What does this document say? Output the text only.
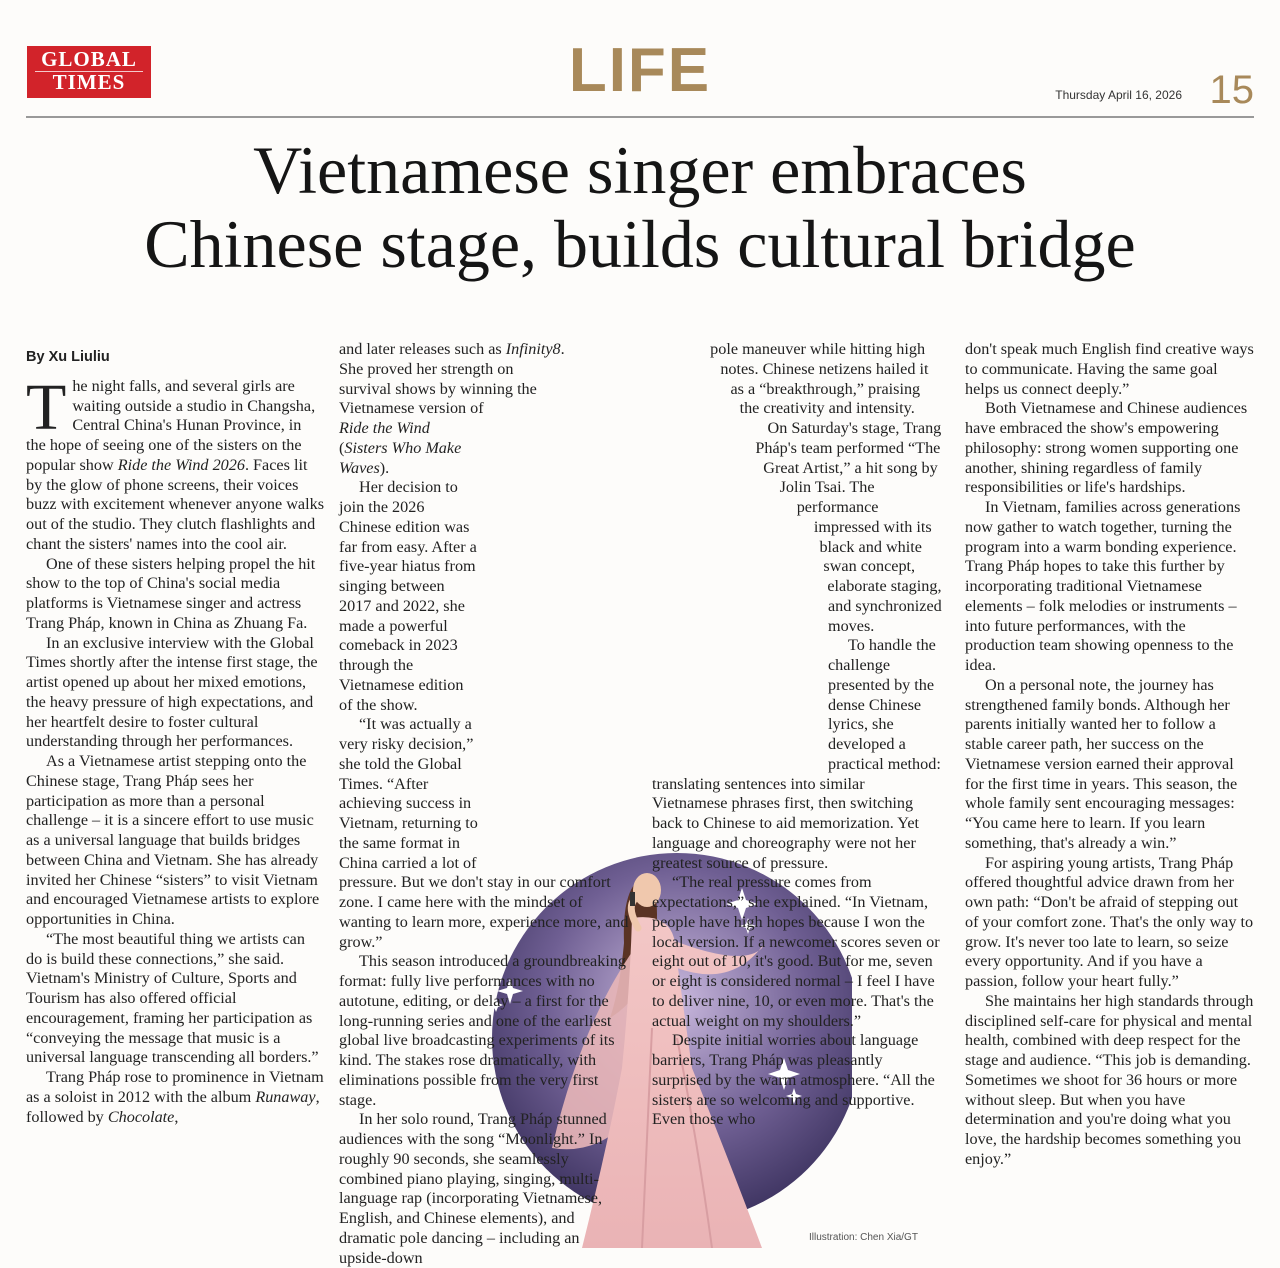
GLOBAL
TIMES	LIFE	Thursday April 16, 2026 15
Vietnamese singer embraces
Chinese stage, builds cultural bridge

By Xu Liuliu

The night falls, and several girls are waiting outside a studio in Changsha, Central China's Hunan Province, in the hope of seeing one of the sisters on the popular show Ride the Wind 2026. Faces lit by the glow of phone screens, their voices buzz with excitement whenever anyone walks out of the studio. They clutch flashlights and chant the sisters' names into the cool air.

One of these sisters helping propel the hit show to the top of China's social media platforms is Vietnamese singer and actress Trang Pháp, known in China as Zhuang Fa.

In an exclusive interview with the Global Times shortly after the intense first stage, the artist opened up about her mixed emotions, the heavy pressure of high expectations, and her heartfelt desire to foster cultural understanding through her performances.

As a Vietnamese artist stepping onto the Chinese stage, Trang Pháp sees her participation as more than a personal challenge – it is a sincere effort to use music as a universal language that builds bridges between China and Vietnam. She has already invited her Chinese “sisters” to visit Vietnam and encouraged Vietnamese artists to explore opportunities in China.

“The most beautiful thing we artists can do is build these connections,” she said. Vietnam's Ministry of Culture, Sports and Tourism has also offered official encouragement, framing her participation as “conveying the message that music is a universal language transcending all borders.”

Trang Pháp rose to prominence in Vietnam as a soloist in 2012 with the album Runaway, followed by Chocolate,

and later releases such as Infinity8. She proved her strength on survival shows by winning the Vietnamese version of Ride the Wind (Sisters Who Make Waves).

Her decision to join the 2026 Chinese edition was far from easy. After a five-year hiatus from singing between 2017 and 2022, she made a powerful comeback in 2023 through the Vietnamese edition of the show.

“It was actually a very risky decision,” she told the Global Times. “After achieving success in Vietnam, returning to the same format in China carried a lot of pressure. But we don't stay in our comfort zone. I came here with the mindset of wanting to learn more, experience more, and grow.”

This season introduced a groundbreaking format: fully live performances with no autotune, editing, or delay – a first for the long-running series and one of the earliest global live broadcasting experiments of its kind. The stakes rose dramatically, with eliminations possible from the very first stage.

In her solo round, Trang Pháp stunned audiences with the song “Moonlight.” In roughly 90 seconds, she seamlessly combined piano playing, singing, multi-language rap (incorporating Vietnamese, English, and Chinese elements), and dramatic pole dancing – including an upside-down

pole maneuver while hitting high notes. Chinese netizens hailed it as a “breakthrough,” praising the creativity and intensity.

On Saturday's stage, Trang Pháp's team performed “The Great Artist,” a hit song by Jolin Tsai. The performance impressed with its black and white swan concept, elaborate staging, and synchronized moves.

To handle the challenge presented by the dense Chinese lyrics, she developed a practical method: translating sentences into similar Vietnamese phrases first, then switching back to Chinese to aid memorization. Yet language and choreography were not her greatest source of pressure.

“The real pressure comes from expectations,” she explained. “In Vietnam, people have high hopes because I won the local version. If a newcomer scores seven or eight out of 10, it's good. But for me, seven or eight is considered normal – I feel I have to deliver nine, 10, or even more. That's the actual weight on my shoulders.”

Despite initial worries about language barriers, Trang Pháp was pleasantly surprised by the warm atmosphere. “All the sisters are so welcoming and supportive. Even those who

don't speak much English find creative ways to communicate. Having the same goal helps us connect deeply.”

Both Vietnamese and Chinese audiences have embraced the show's empowering philosophy: strong women supporting one another, shining regardless of family responsibilities or life's hardships.

In Vietnam, families across generations now gather to watch together, turning the program into a warm bonding experience. Trang Pháp hopes to take this further by incorporating traditional Vietnamese elements – folk melodies or instruments – into future performances, with the production team showing openness to the idea.

On a personal note, the journey has strengthened family bonds. Although her parents initially wanted her to follow a stable career path, her success on the Vietnamese version earned their approval for the first time in years. This season, the whole family sent encouraging messages: “You came here to learn. If you learn something, that's already a win.”

For aspiring young artists, Trang Pháp offered thoughtful advice drawn from her own path: “Don't be afraid of stepping out of your comfort zone. That's the only way to grow. It's never too late to learn, so seize every opportunity. And if you have a passion, follow your heart fully.”

She maintains her high standards through disciplined self-care for physical and mental health, combined with deep respect for the stage and audience. “This job is demanding. Sometimes we shoot for 36 hours or more without sleep. But when you have determination and you're doing what you love, the hardship becomes something you enjoy.”

Illustration: Chen Xia/GT
